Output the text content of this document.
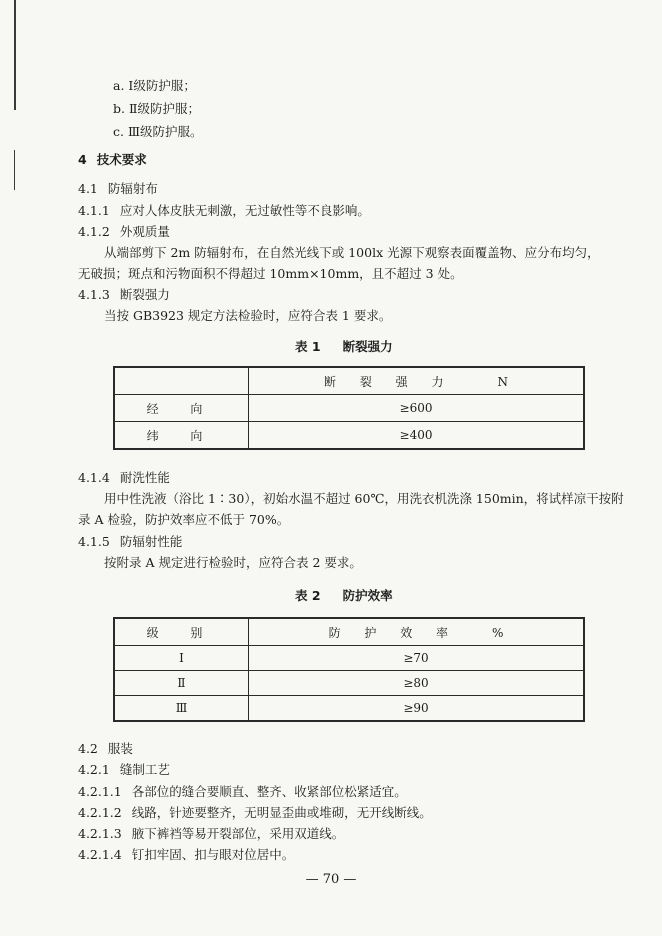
a. Ⅰ级防护服；
b. Ⅱ级防护服；
c. Ⅲ级防护服。
4 技术要求
4.1 防辐射布
4.1.1 应对人体皮肤无刺激，无过敏性等不良影响。
4.1.2 外观质量
从端部剪下 2m 防辐射布，在自然光线下或 100lx 光源下观察表面覆盖物、应分布均匀，
无破损；斑点和污物面积不得超过 10mm×10mm，且不超过 3 处。
4.1.3 断裂强力
当按 GB3923 规定方法检验时，应符合表 1 要求。
表 1 断裂强力
	断 裂 强 力 N
经 向	≥600
纬 向	≥400
4.1.4 耐洗性能
用中性洗液（浴比 1∶30），初始水温不超过 60℃，用洗衣机洗涤 150min，将试样凉干按附
录 A 检验，防护效率应不低于 70%。
4.1.5 防辐射性能
按附录 A 规定进行检验时，应符合表 2 要求。
表 2 防护效率
级 别	防 护 效 率 %
Ⅰ	≥70
Ⅱ	≥80
Ⅲ	≥90
4.2 服装
4.2.1 缝制工艺
4.2.1.1 各部位的缝合要顺直、整齐、收紧部位松紧适宜。
4.2.1.2 线路，针迹要整齐，无明显歪曲或堆砌，无开线断线。
4.2.1.3 腋下裤裆等易开裂部位，采用双道线。
4.2.1.4 钉扣牢固、扣与眼对位居中。
— 70 —
